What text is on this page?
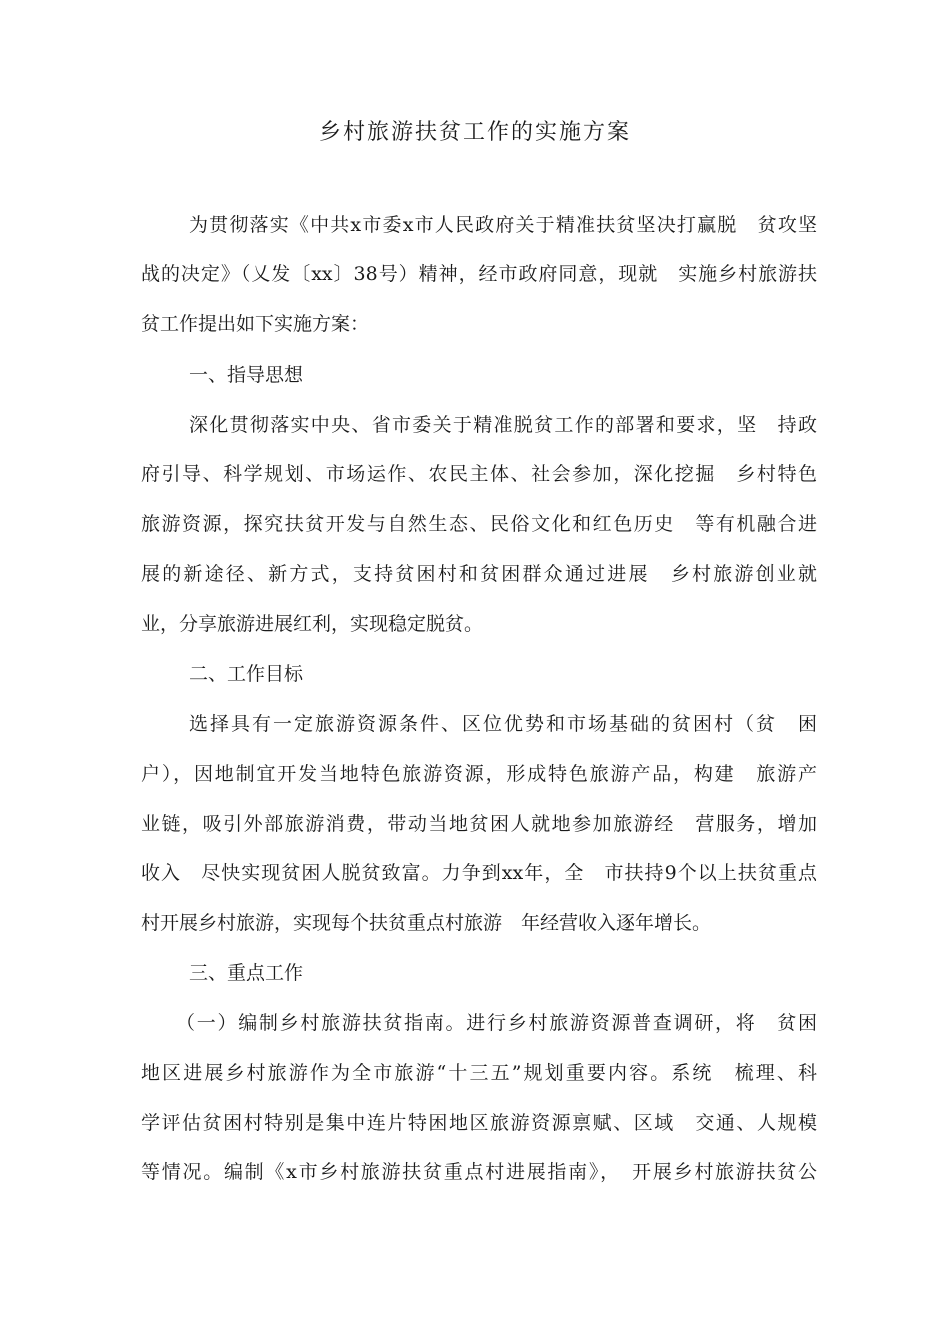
乡村旅游扶贫工作的实施方案
为贯彻落实《中共x市委x市人民政府关于精准扶贫坚决打赢脱　贫攻坚
战的决定》（乂发〔xx〕38号）精神，经市政府同意，现就　实施乡村旅游扶
贫工作提出如下实施方案：
一、指导思想
深化贯彻落实中央、省市委关于精准脱贫工作的部署和要求，坚　持政
府引导、科学规划、市场运作、农民主体、社会参加，深化挖掘　乡村特色
旅游资源，探究扶贫开发与自然生态、民俗文化和红色历史　等有机融合进
展的新途径、新方式，支持贫困村和贫困群众通过进展　乡村旅游创业就
业，分享旅游进展红利，实现稳定脱贫。
二、工作目标
选择具有一定旅游资源条件、区位优势和市场基础的贫困村（贫　困
户），因地制宜开发当地特色旅游资源，形成特色旅游产品，构建　旅游产
业链，吸引外部旅游消费，带动当地贫困人就地参加旅游经　营服务，增加
收入　尽快实现贫困人脱贫致富。力争到xx年，全　市扶持9个以上扶贫重点
村开展乡村旅游，实现每个扶贫重点村旅游　年经营收入逐年增长。
三、重点工作
（一）编制乡村旅游扶贫指南。进行乡村旅游资源普查调研，将　贫困
地区进展乡村旅游作为全市旅游“十三五”规划重要内容。系统　梳理、科
学评估贫困村特别是集中连片特困地区旅游资源禀赋、区域　交通、人规模
等情况。编制《x市乡村旅游扶贫重点村进展指南》，　开展乡村旅游扶贫公
